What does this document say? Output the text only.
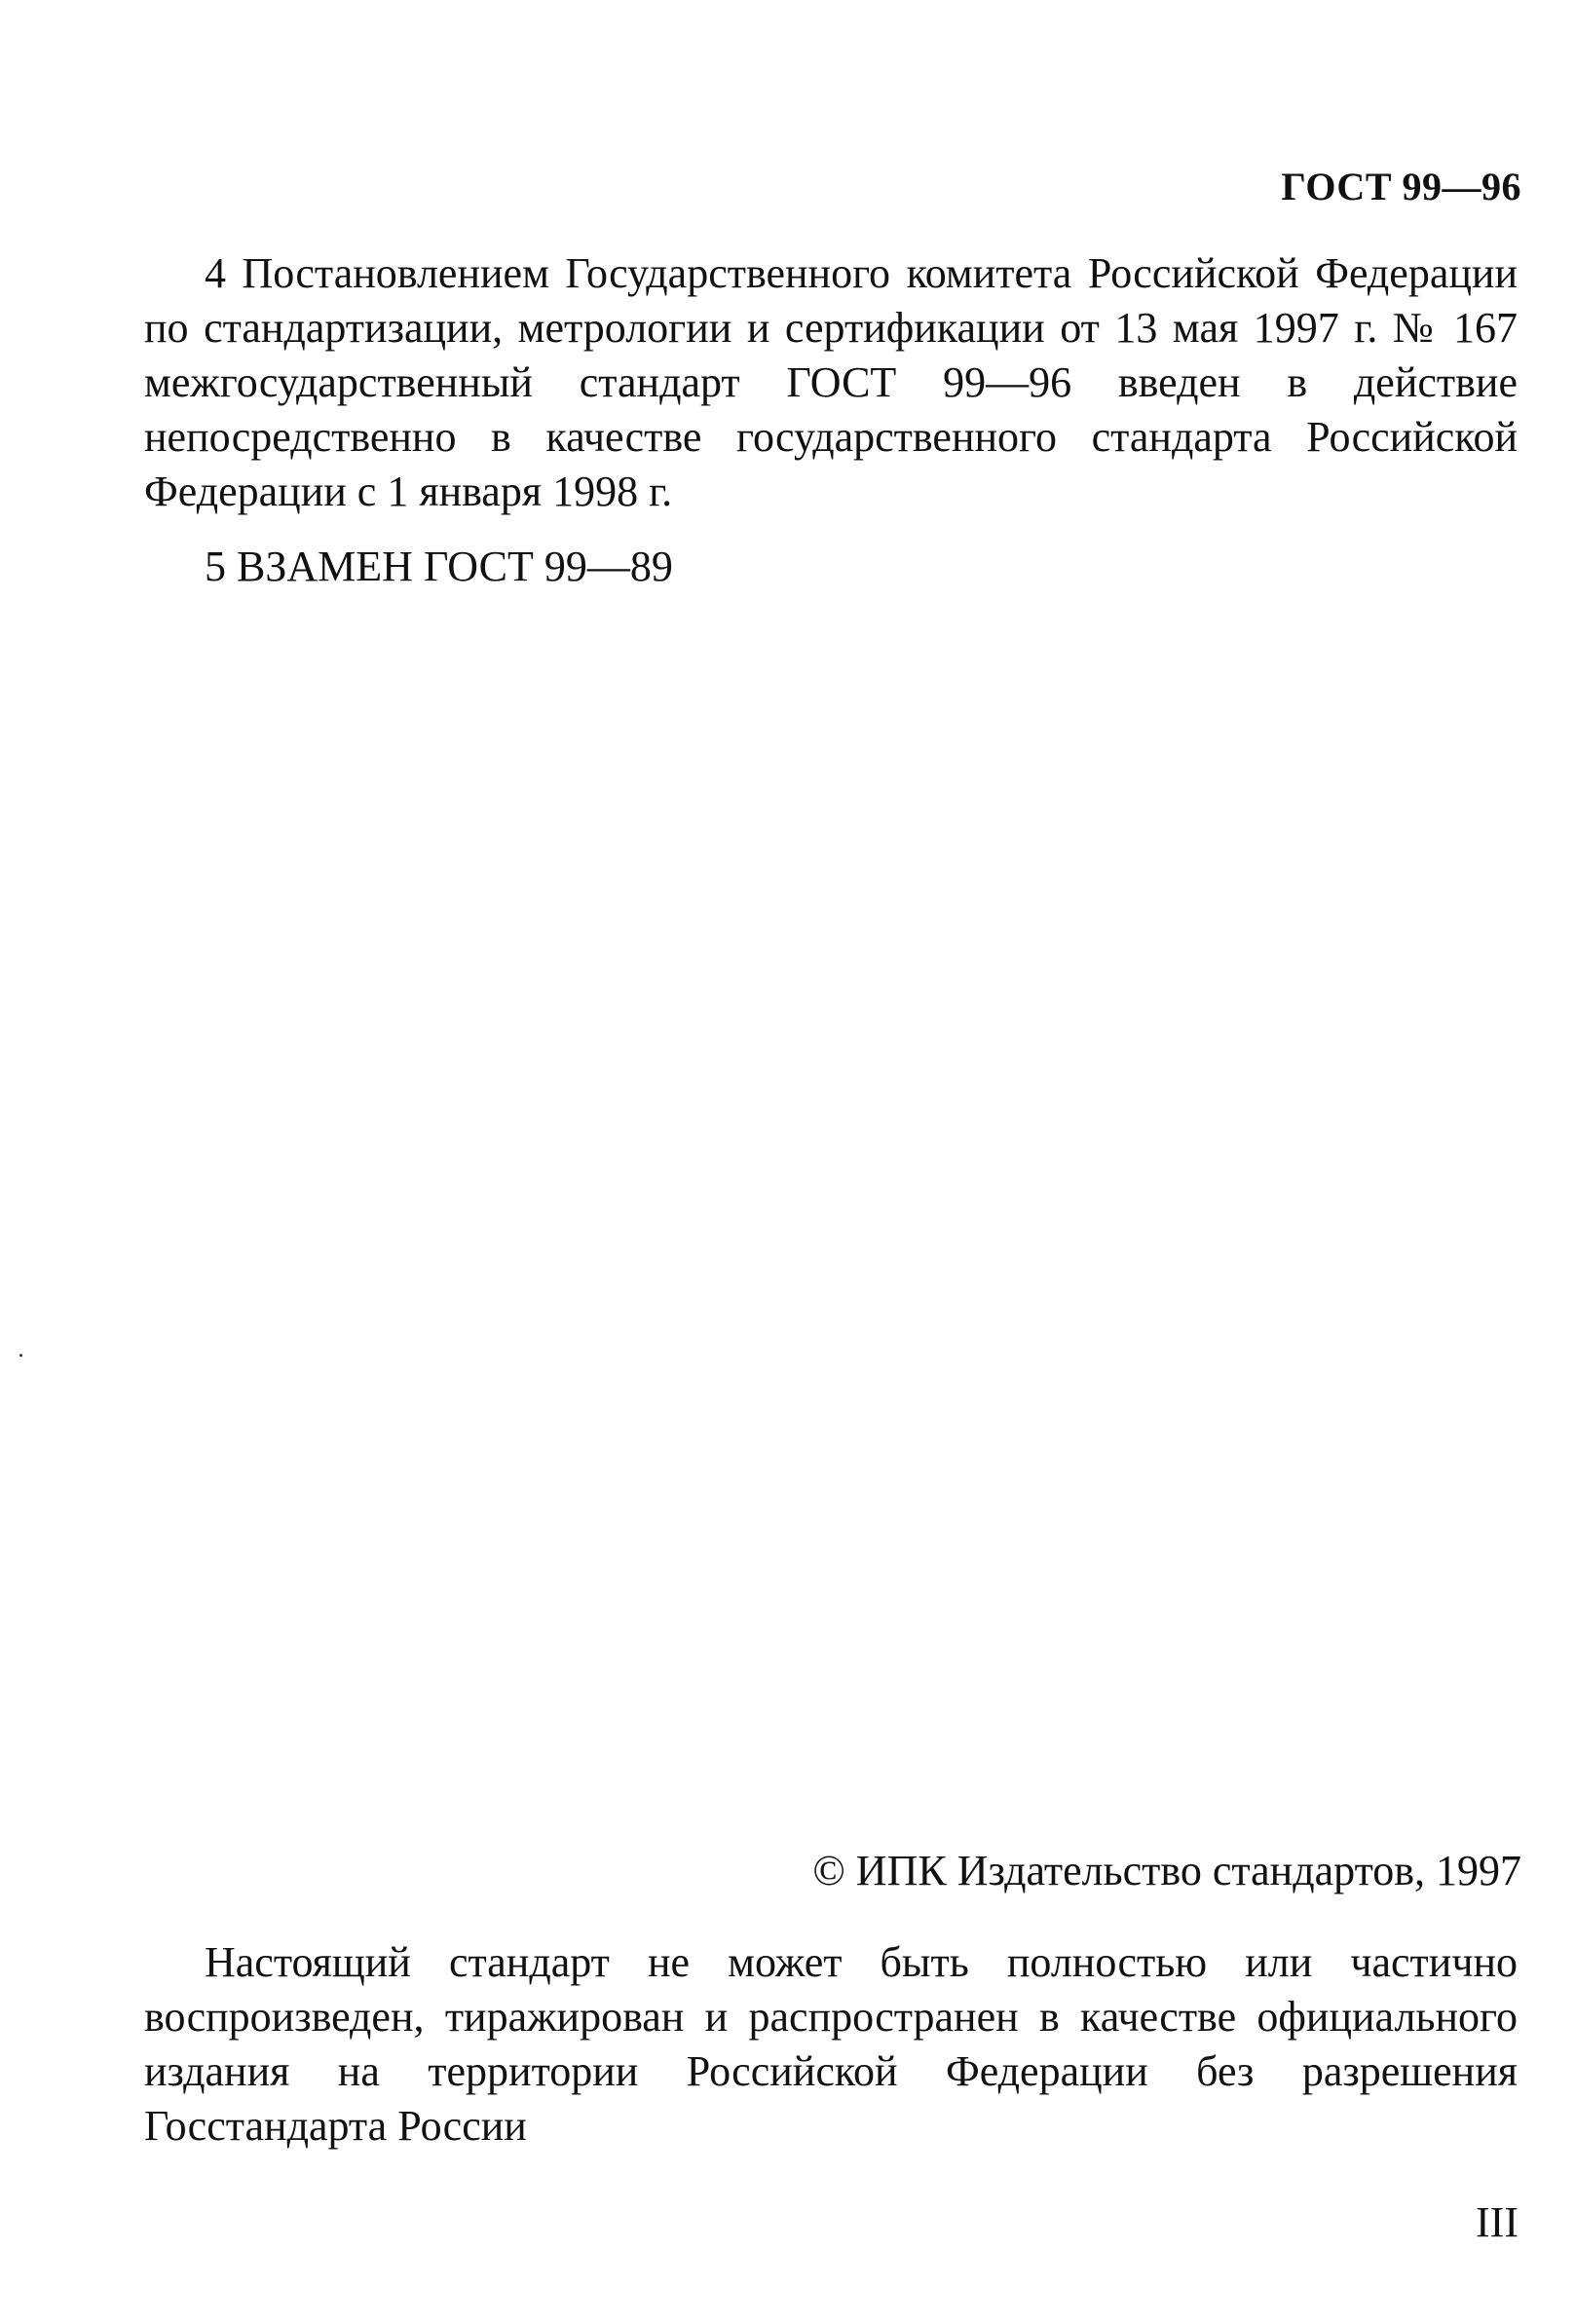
ГОСТ 99—96
4 Постановлением Государственного комитета Российской Федерации по стандартизации, метрологии и сертификации от 13 мая 1997 г. № 167 межгосударственный стандарт ГОСТ 99—96 введен в действие непосредственно в качестве государственного стандарта Российской Федерации с 1 января 1998 г.
5 ВЗАМЕН ГОСТ 99—89
© ИПК Издательство стандартов, 1997
Настоящий стандарт не может быть полностью или частично воспроизведен, тиражирован и распространен в качестве официального издания на территории Российской Федерации без разрешения Госстандарта России
III
